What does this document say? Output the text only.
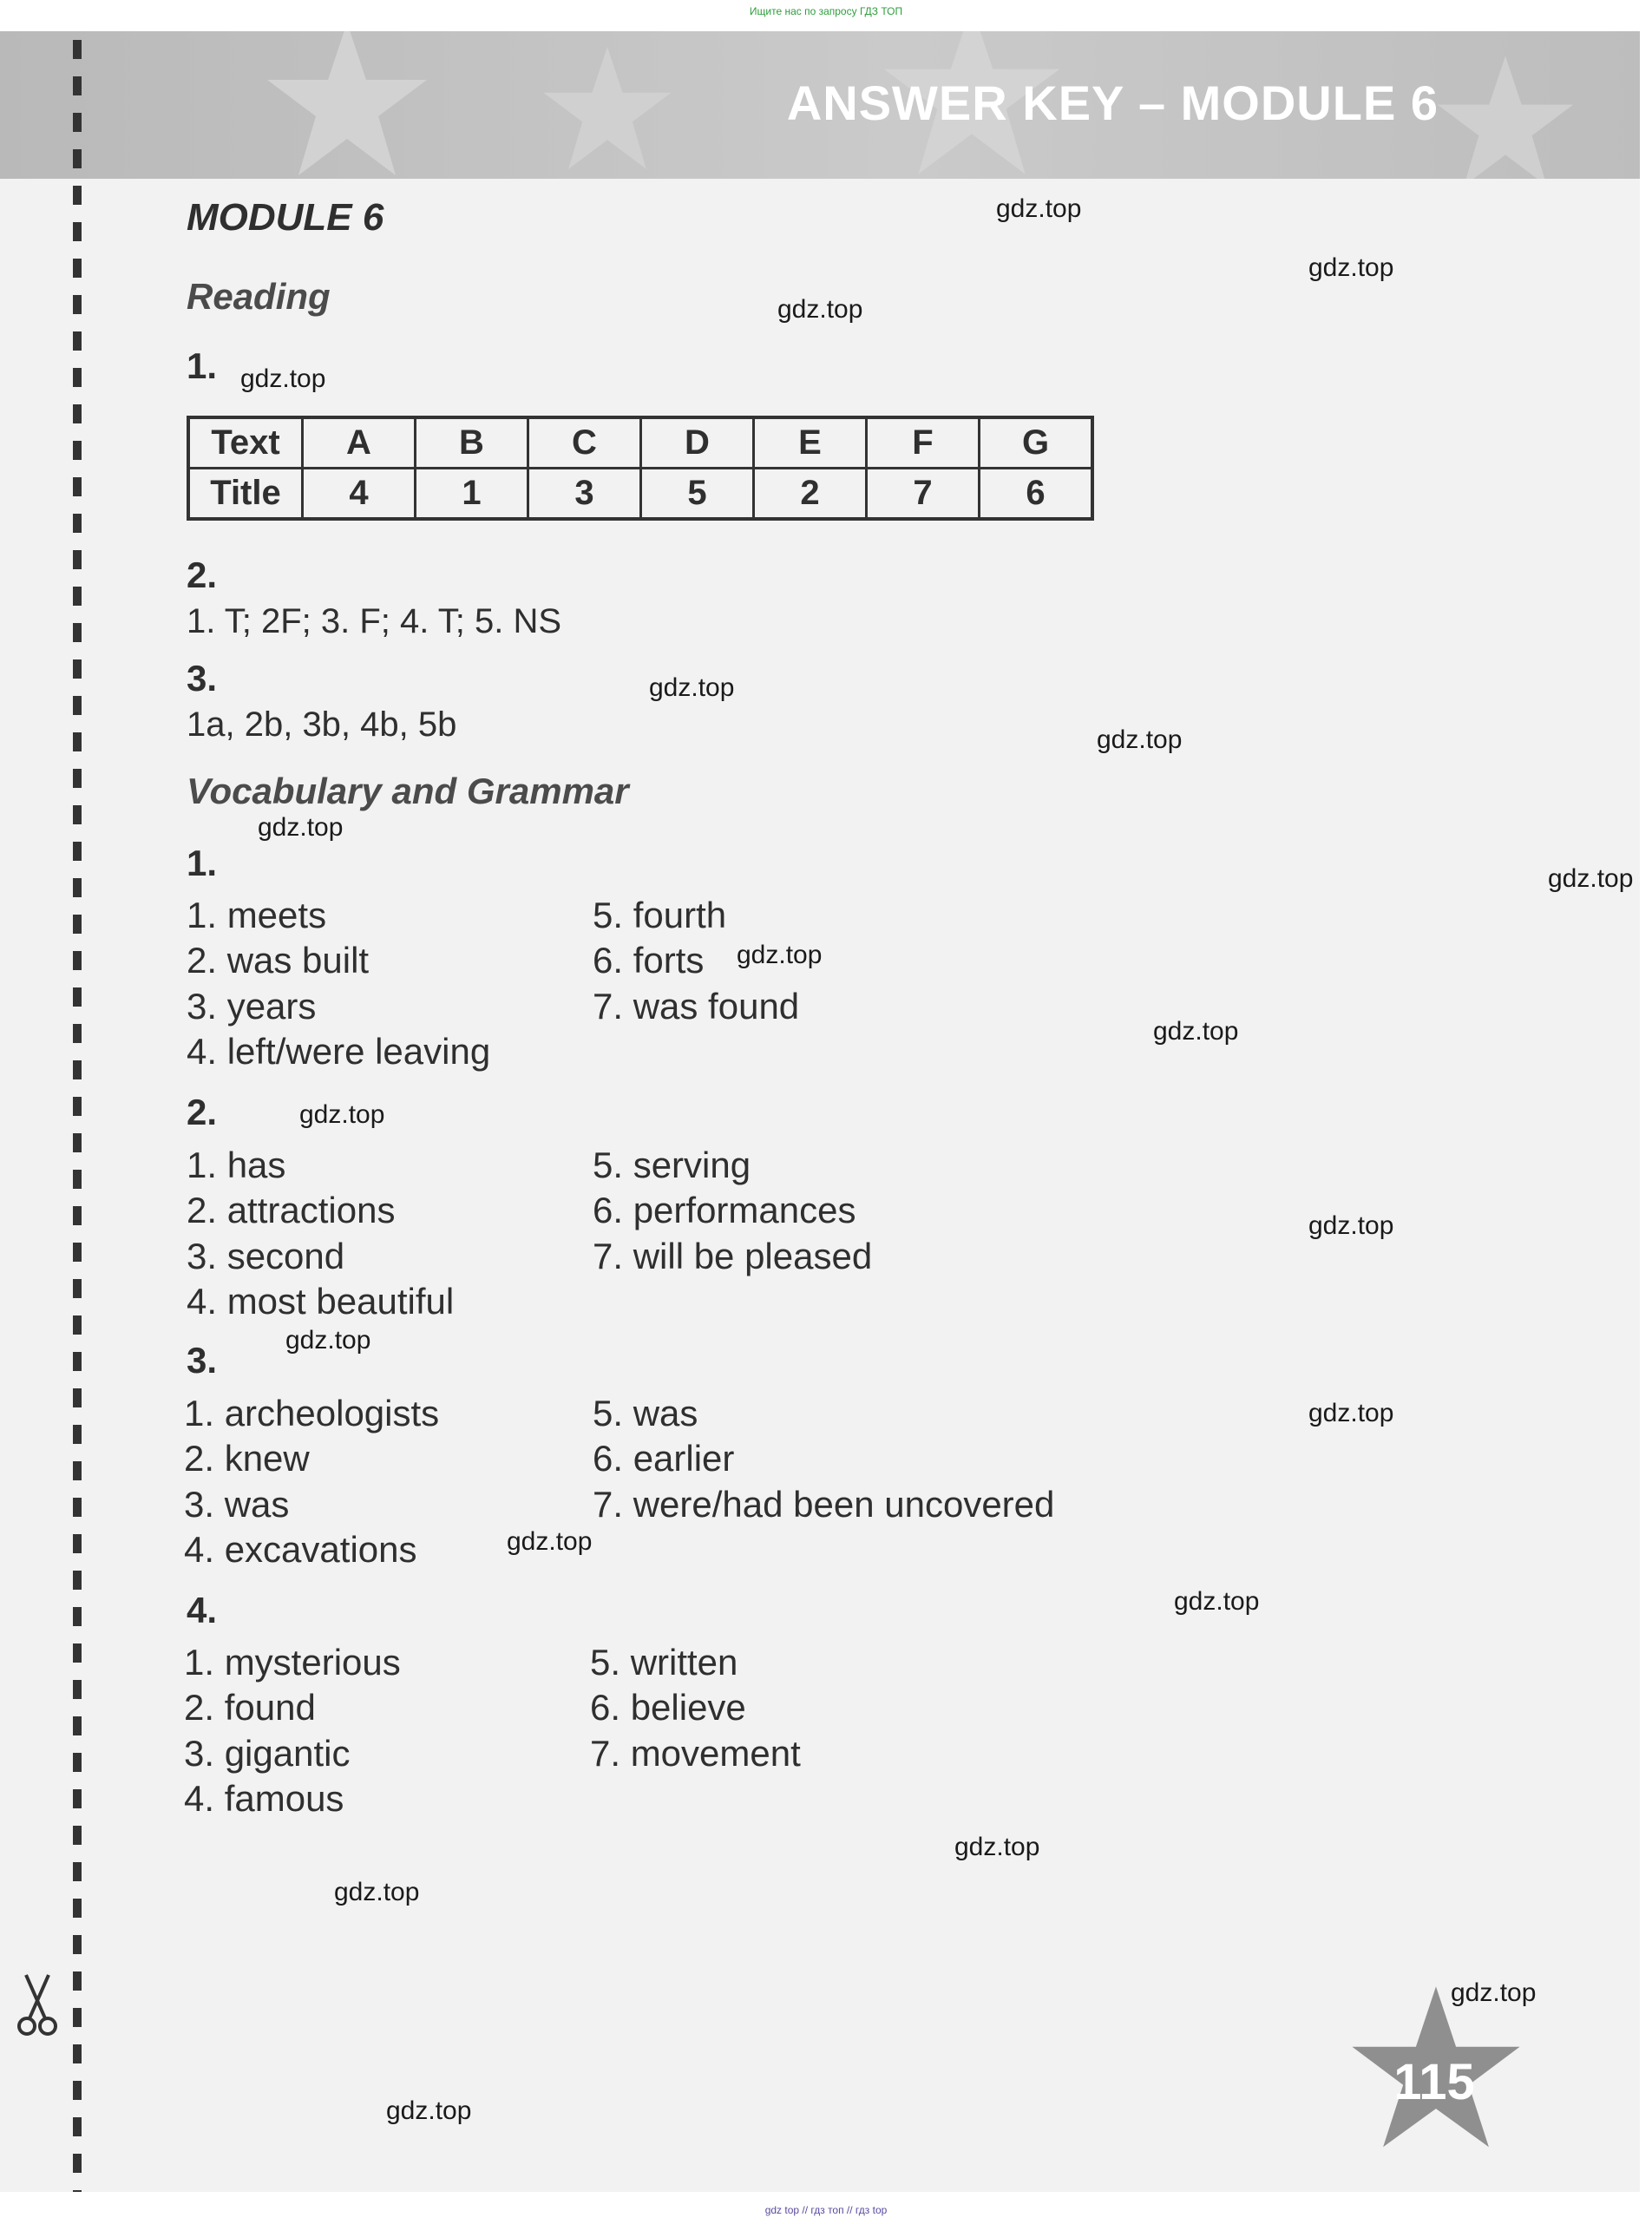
Ищите нас по запросу ГДЗ ТОП
ANSWER KEY – MODULE 6
MODULE 6
Reading
1.
Text	A	B	C	D	E	F	G
Title	4	1	3	5	2	7	6
2.
1. T; 2F; 3. F; 4. T; 5. NS
3.
1a, 2b, 3b, 4b, 5b
Vocabulary and Grammar
1.
1. meets
2. was built
3. years
4. left/were leaving
5. fourth
6. forts
7. was found
2.
1. has
2. attractions
3. second
4. most beautiful
5. serving
6. performances
7. will be pleased
3.
1. archeologists
2. knew
3. was
4. excavations
5. was
6. earlier
7. were/had been uncovered
4.
1. mysterious
2. found
3. gigantic
4. famous
5. written
6. believe
7. movement
115
gdz.top
gdz.top
gdz.top
gdz.top
gdz.top
gdz.top
gdz.top
gdz.top
gdz.top
gdz.top
gdz.top
gdz.top
gdz.top
gdz.top
gdz.top
gdz.top
gdz.top
gdz.top
gdz.top
gdz.top
gdz top // гдз топ // гдз top
